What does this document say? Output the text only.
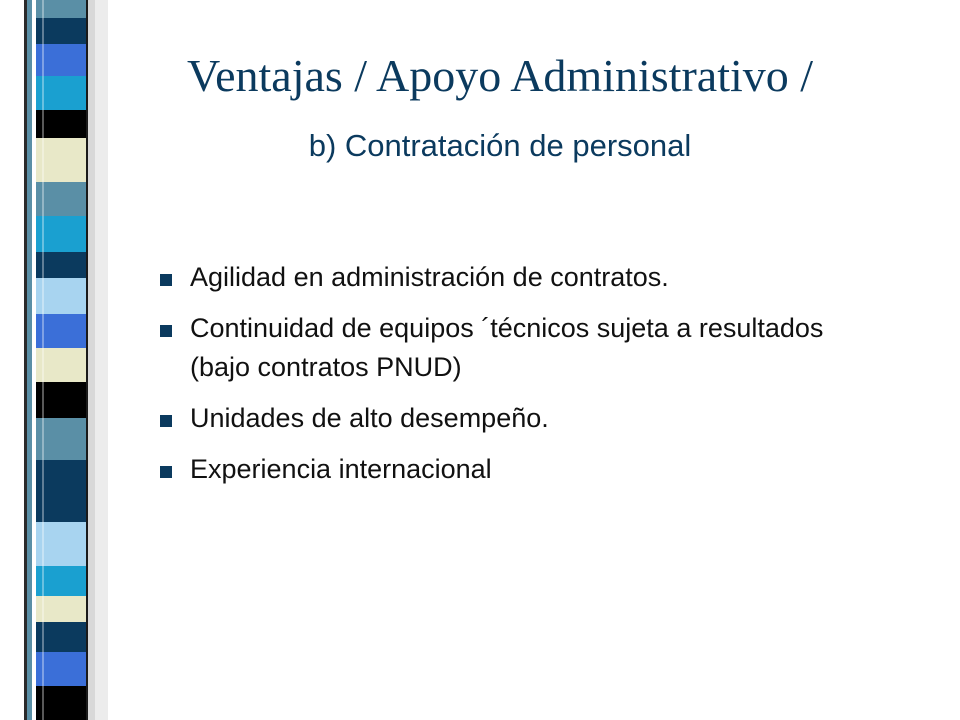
Ventajas / Apoyo Administrativo /
b) Contratación de personal
Agilidad en administración de contratos.
Continuidad de equipos ´técnicos sujeta a resultados (bajo contratos PNUD)
Unidades de alto desempeño.
Experiencia internacional
